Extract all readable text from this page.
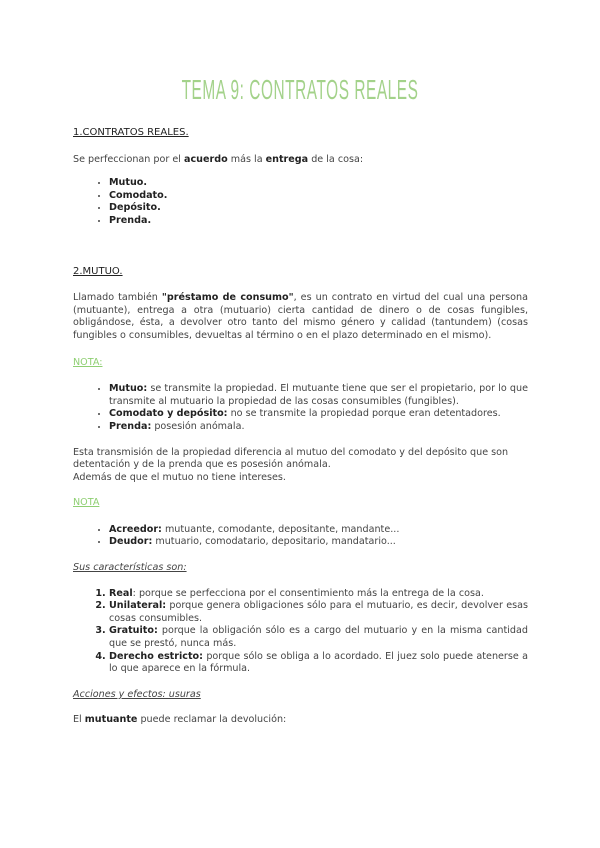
TEMA 9: CONTRATOS REALES

1.CONTRATOS REALES.

Se perfeccionan por el acuerdo más la entrega de la cosa:

• Mutuo.
• Comodato.
• Depósito.
• Prenda.

2.MUTUO.

Llamado también "préstamo de consumo", es un contrato en virtud del cual una persona (mutuante), entrega a otra (mutuario) cierta cantidad de dinero o de cosas fungibles, obligándose, ésta, a devolver otro tanto del mismo género y calidad (tantundem) (cosas fungibles o consumibles, devueltas al término o en el plazo determinado en el mismo).

NOTA:

• Mutuo: se transmite la propiedad. El mutuante tiene que ser el propietario, por lo que transmite al mutuario la propiedad de las cosas consumibles (fungibles).
• Comodato y depósito: no se transmite la propiedad porque eran detentadores.
• Prenda: posesión anómala.

Esta transmisión de la propiedad diferencia al mutuo del comodato y del depósito que son detentación y de la prenda que es posesión anómala.

Además de que el mutuo no tiene intereses.

NOTA

• Acreedor: mutuante, comodante, depositante, mandante...
• Deudor: mutuario, comodatario, depositario, mandatario...

Sus características son:

1. Real: porque se perfecciona por el consentimiento más la entrega de la cosa.
2. Unilateral: porque genera obligaciones sólo para el mutuario, es decir, devolver esas cosas consumibles.
3. Gratuito: porque la obligación sólo es a cargo del mutuario y en la misma cantidad que se prestó, nunca más.
4. Derecho estricto: porque sólo se obliga a lo acordado. El juez solo puede atenerse a lo que aparece en la fórmula.

Acciones y efectos: usuras

El mutuante puede reclamar la devolución:
